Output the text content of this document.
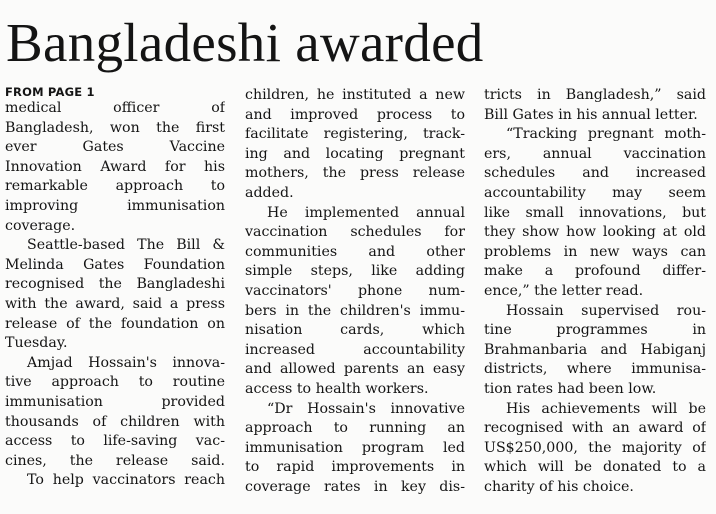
Bangladeshi awarded

FROM PAGE 1

medical officer of
Bangladesh, won the first
ever Gates Vaccine
Innovation Award for his
remarkable approach to
improving immunisation
coverage.
Seattle-based The Bill &
Melinda Gates Foundation
recognised the Bangladeshi
with the award, said a press
release of the foundation on
Tuesday.
Amjad Hossain's innova-
tive approach to routine
immunisation provided
thousands of children with
access to life-saving vac-
cines, the release said.
To help vaccinators reach
children, he instituted a new
and improved process to
facilitate registering, track-
ing and locating pregnant
mothers, the press release
added.
He implemented annual
vaccination schedules for
communities and other
simple steps, like adding
vaccinators' phone num-
bers in the children's immu-
nisation cards, which
increased accountability
and allowed parents an easy
access to health workers.
“Dr Hossain's innovative
approach to running an
immunisation program led
to rapid improvements in
coverage rates in key dis-
tricts in Bangladesh,” said
Bill Gates in his annual letter.
“Tracking pregnant moth-
ers, annual vaccination
schedules and increased
accountability may seem
like small innovations, but
they show how looking at old
problems in new ways can
make a profound differ-
ence,” the letter read.
Hossain supervised rou-
tine programmes in
Brahmanbaria and Habiganj
districts, where immunisa-
tion rates had been low.
His achievements will be
recognised with an award of
US$250,000, the majority of
which will be donated to a
charity of his choice.
